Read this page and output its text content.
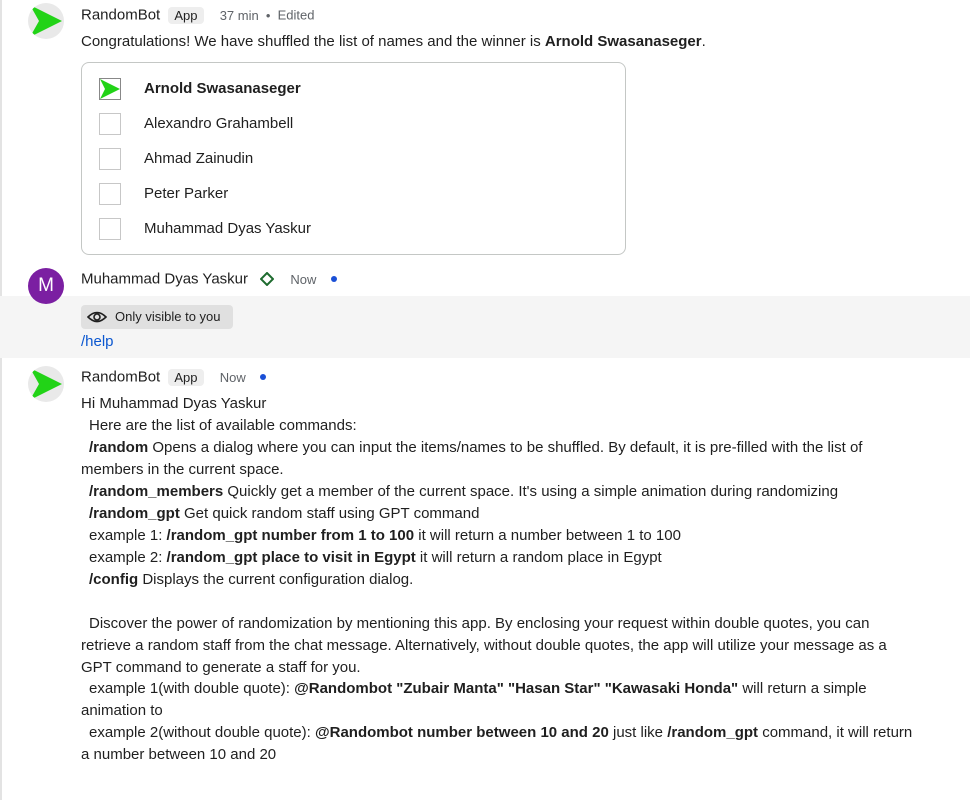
RandomBot App 37 min • Edited
Congratulations! We have shuffled the list of names and the winner is Arnold Swasanaseger.
Arnold Swasanaseger
Alexandro Grahambell
Ahmad Zainudin
Peter Parker
Muhammad Dyas Yaskur
M	Muhammad Dyas Yaskur	Now
Only visible to you
/help
RandomBot App Now
Hi Muhammad Dyas Yaskur
Here are the list of available commands:
/random Opens a dialog where you can input the items/names to be shuffled. By default, it is pre-filled with the list of
members in the current space.
/random_members Quickly get a member of the current space. It's using a simple animation during randomizing
/random_gpt Get quick random staff using GPT command
example 1: /random_gpt number from 1 to 100 it will return a number between 1 to 100
example 2: /random_gpt place to visit in Egypt it will return a random place in Egypt
/config Displays the current configuration dialog.
Discover the power of randomization by mentioning this app. By enclosing your request within double quotes, you can
retrieve a random staff from the chat message. Alternatively, without double quotes, the app will utilize your message as a
GPT command to generate a staff for you.
example 1(with double quote): @Randombot "Zubair Manta" "Hasan Star" "Kawasaki Honda" will return a simple
animation to
example 2(without double quote): @Randombot number between 10 and 20 just like /random_gpt command, it will return
a number between 10 and 20
